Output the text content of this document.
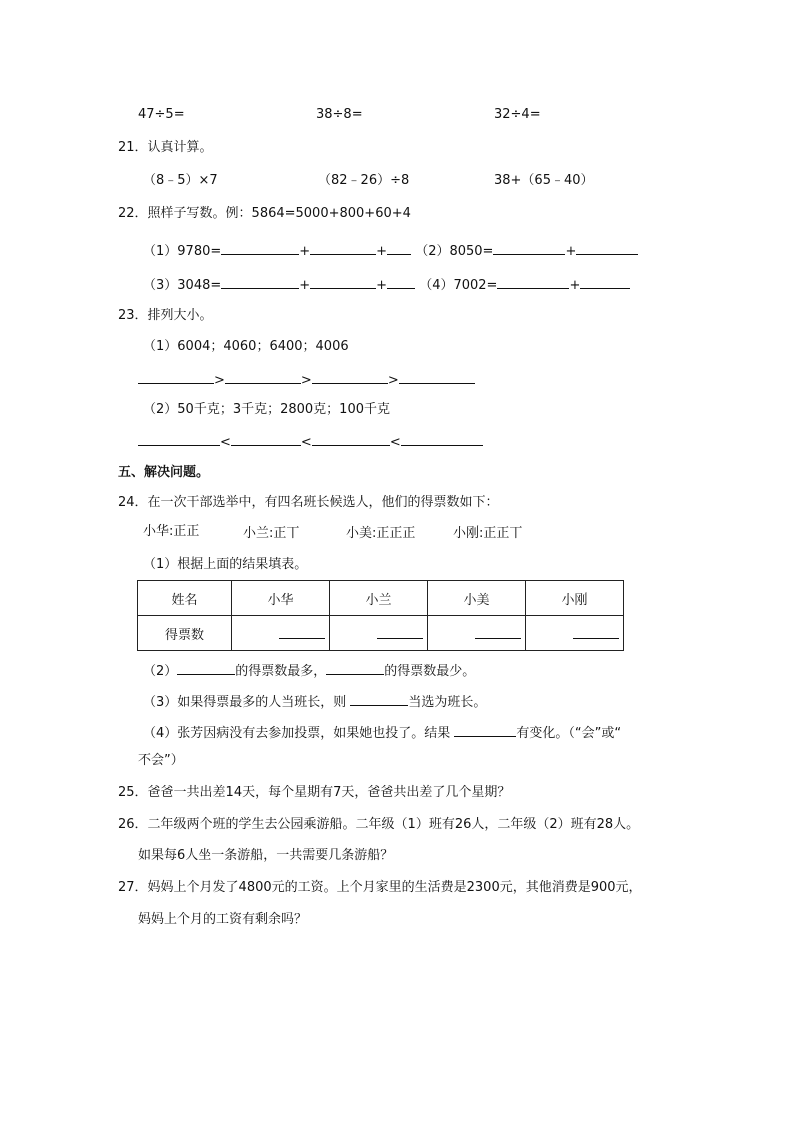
47÷5=	38÷8=	32÷4=
21．认真计算。
（8﹣5）×7	（82﹣26）÷8	38+（65﹣40）
22．照样子写数。例：5864=5000+800+60+4
（1）9780=	+	+ （2）8050=	+
（3）3048=	+	+ （4）7002=	+
23．排列大小。
（1）6004；4060；6400；4006
>	>	>
（2）50千克；3千克；2800克；100千克
<	<	<
五、解决问题。
24．在一次干部选举中，有四名班长候选人，他们的得票数如下：
小华:正正	小兰:正丅	小美:正正正	小刚:正正丅
（1）根据上面的结果填表。
姓名	小华	小兰	小美	小刚
得票数				
（2）	的得票数最多，	的得票数最少。
（3）如果得票最多的人当班长，则	当选为班长。
（4）张芳因病没有去参加投票，如果她也投了。结果	有变化。（“会”或“
不会”）
25．爸爸一共出差14天，每个星期有7天，爸爸共出差了几个星期？
26．二年级两个班的学生去公园乘游船。二年级（1）班有26人，二年级（2）班有28人。
如果每6人坐一条游船，一共需要几条游船？
27．妈妈上个月发了4800元的工资。上个月家里的生活费是2300元，其他消费是900元，
妈妈上个月的工资有剩余吗？
